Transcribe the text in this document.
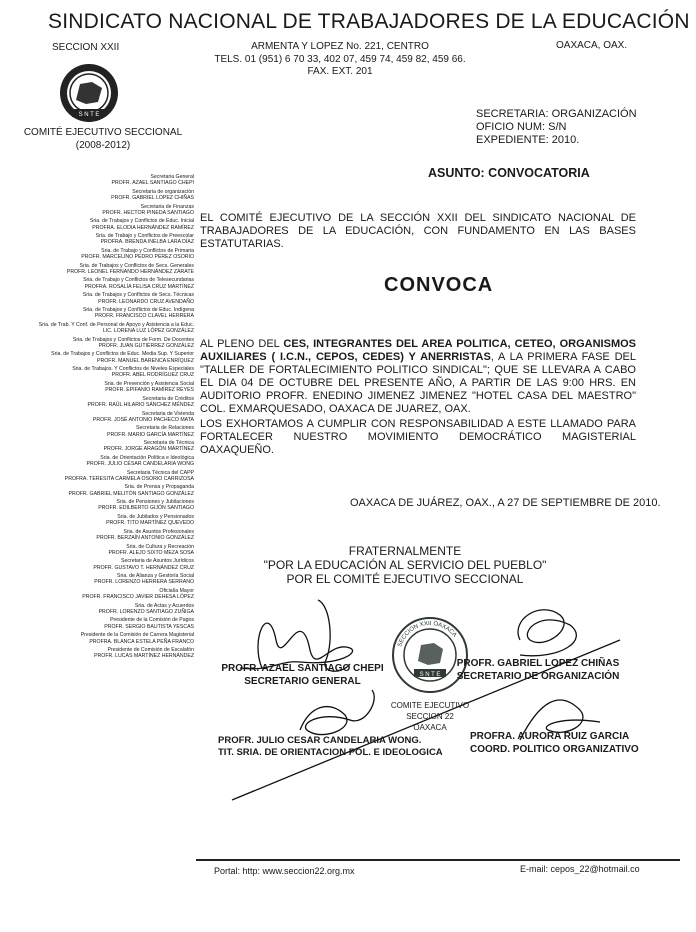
SINDICATO NACIONAL DE TRABAJADORES DE LA EDUCACIÓN
SECCION XXII	OAXACA, OAX.
ARMENTA Y LOPEZ No. 221, CENTRO
TELS. 01 (951) 6 70 33, 402 07, 459 74, 459 82, 459 66.
FAX. EXT. 201
S N T E
COMITÉ EJECUTIVO SECCIONAL
(2008-2012)
SECRETARIA: ORGANIZACIÓN
OFICIO NUM: S/N
EXPEDIENTE: 2010.
ASUNTO: CONVOCATORIA
Secretaria General
PROFR. AZAEL SANTIAGO CHEPI
Secretaria de organización
PROFR. GABRIEL LOPEZ CHIÑAS
Secretaria de Finanzas
PROFR. HECTOR PINEDA SANTIAGO
Sria. de Trabajos y Conflictos de Educ. Inicial
PROFRA. ELODIA HERNÁNDEZ RAMÍREZ
Sria. de Trabajo y Conflictos de Preescolar
PROFRA. BRENDA INELBA LARA DÍAZ
Sria. de Trabajo y Conflictos de Primaria
PROFR. MARCELINO PEDRO PÉREZ OSORIO
Sria. de Trabajos y Conflictos de Secs. Generales
PROFR. LEONEL FERNANDO HERNÁNDEZ ZÁRATE
Sria. de Trabajo y Conflictos de Telesecundarias
PROFRA. ROSALÍA FELISA CRUZ MARTÍNEZ
Sria. de Trabajos y Conflictos de Secs. Técnicas
PROFR. LEONARDO CRUZ AVENDAÑO
Sria. de Trabajos y Conflictos de Educ. Indígena
PROFR. FRANCISCO CLAVEL HERRERA
Sria. de Trab. Y Conf. de Personal de Apoyo y Asistencia a la Educ.
LIC. LORENA LUZ LÓPEZ GONZÁLEZ
Sria. de Trabajos y Conflictos de Form. De Docentes
PROFR. JUAN GUTIÉRREZ GONZÁLEZ
Sria. de Trabajos y Conflictos de Educ. Media Sup. Y Superior
PROFR. MANUEL BARENCA ENRÍQUEZ
Sria. de Trabajos. Y Conflictos de Niveles Especiales
PROFR. ABEL RODRÍGUEZ CRUZ
Sria. de Prevención y Asistencia Social
PROFR. EPIFANIO RAMÍREZ REYES
Secretaria de Créditos
PROFR. RAÚL HILARIO SÁNCHEZ MÉNDEZ
Secretaria de Vivienda
PROFR. JOSÉ ANTONIO PACHECO MATA
Secretaria de Relaciones
PROFR. MARIO GARCÍA MARTÍNEZ
Secretaria de Técnica
PROFR. JORGE ARAGÓN MARTÍNEZ
Sria. de Orientación Política e Ideológica
PROFR. JULIO CÉSAR CANDELARIA WONG
Secretaria Técnica del CAPP
PROFRA. TERESITA CARMELA OSORIO CARRIZOSA
Sria. de Prensa y Propaganda
PROFR. GABRIEL MELITÓN SANTIAGO GONZÁLEZ
Sria. de Pensiones y Jubilaciones
PROFR. EDILBERTO GIJÓN SANTIAGO
Sria. de Jubilados y Pensionados
PROFR. TITO MARTÍNEZ QUEVEDO
Sria. de Asuntos Profesionales
PROFR. BERZAÍN ANTONIO GONZÁLEZ
Sria. de Cultura y Recreación
PROFR. ALEJO SIXTO MEZA SOSA
Secretaria de Asuntos Jurídicos
PROFR. GUSTAVO T. HERNÁNDEZ CRUZ
Sria. de Alianza y Gestoría Social
PROFR. LORENZO HERRERA SERRANO
Oficialía Mayor
PROFR. FRANCISCO JAVIER DEHESA LÓPEZ
Sria. de Actas y Acuerdos
PROFR. LORENZO SANTIAGO ZUÑIGA
Presidente de la Comisión de Pagos
PROFR. SERGIO BAUTISTA YESCAS
Presidente de la Comisión de Carrera Magisterial
PROFRA. BLANCA ESTELA PEÑA FRANCO
Presidente de Comisión de Escalafón
PROFR. LUCAS MARTÍNEZ HERNÁNDEZ
EL COMITÉ EJECUTIVO DE LA SECCIÓN XXII DEL SINDICATO NACIONAL DE TRABAJADORES DE LA EDUCACIÓN, CON FUNDAMENTO EN LAS BASES ESTATUTARIAS.
CONVOCA
AL PLENO DEL CES, INTEGRANTES DEL AREA POLITICA, CETEO, ORGANISMOS AUXILIARES ( I.C.N., CEPOS, CEDES) Y ANERRISTAS, A LA PRIMERA FASE DEL "TALLER DE FORTALECIMIENTO POLITICO SINDICAL"; QUE SE LLEVARA A CABO EL DIA 04 DE OCTUBRE DEL PRESENTE AÑO, A PARTIR DE LAS 9:00 HRS. EN AUDITORIO PROFR. ENEDINO JIMENEZ JIMENEZ "HOTEL CASA DEL MAESTRO" COL. EXMARQUESADO, OAXACA DE JUAREZ, OAX.
LOS EXHORTAMOS A CUMPLIR CON RESPONSABILIDAD A ESTE LLAMADO PARA FORTALECER NUESTRO MOVIMIENTO DEMOCRÁTICO MAGISTERIAL OAXAQUEÑO.
OAXACA DE JUÁREZ, OAX., A 27 DE SEPTIEMBRE DE 2010.
FRATERNALMENTE
"POR LA EDUCACIÓN AL SERVICIO DEL PUEBLO"
POR EL COMITÉ EJECUTIVO SECCIONAL
S N T E
SECCION XXII OAXACA
COMITE EJECUTIVO
SECCION 22
OAXACA
PROFR. AZAEL SANTIAGO CHEPI
SECRETARIO GENERAL
PROFR. GABRIEL LOPEZ CHIÑAS
SECRETARIO DE ORGANIZACIÓN
PROFR. JULIO CESAR CANDELARIA WONG.
TIT. SRIA. DE ORIENTACION POL. E IDEOLOGICA
PROFRA. AURORA RUIZ GARCIA
COORD. POLITICO ORGANIZATIVO
Portal: http: www.seccion22.org.mx	E-mail: cepos_22@hotmail.co
